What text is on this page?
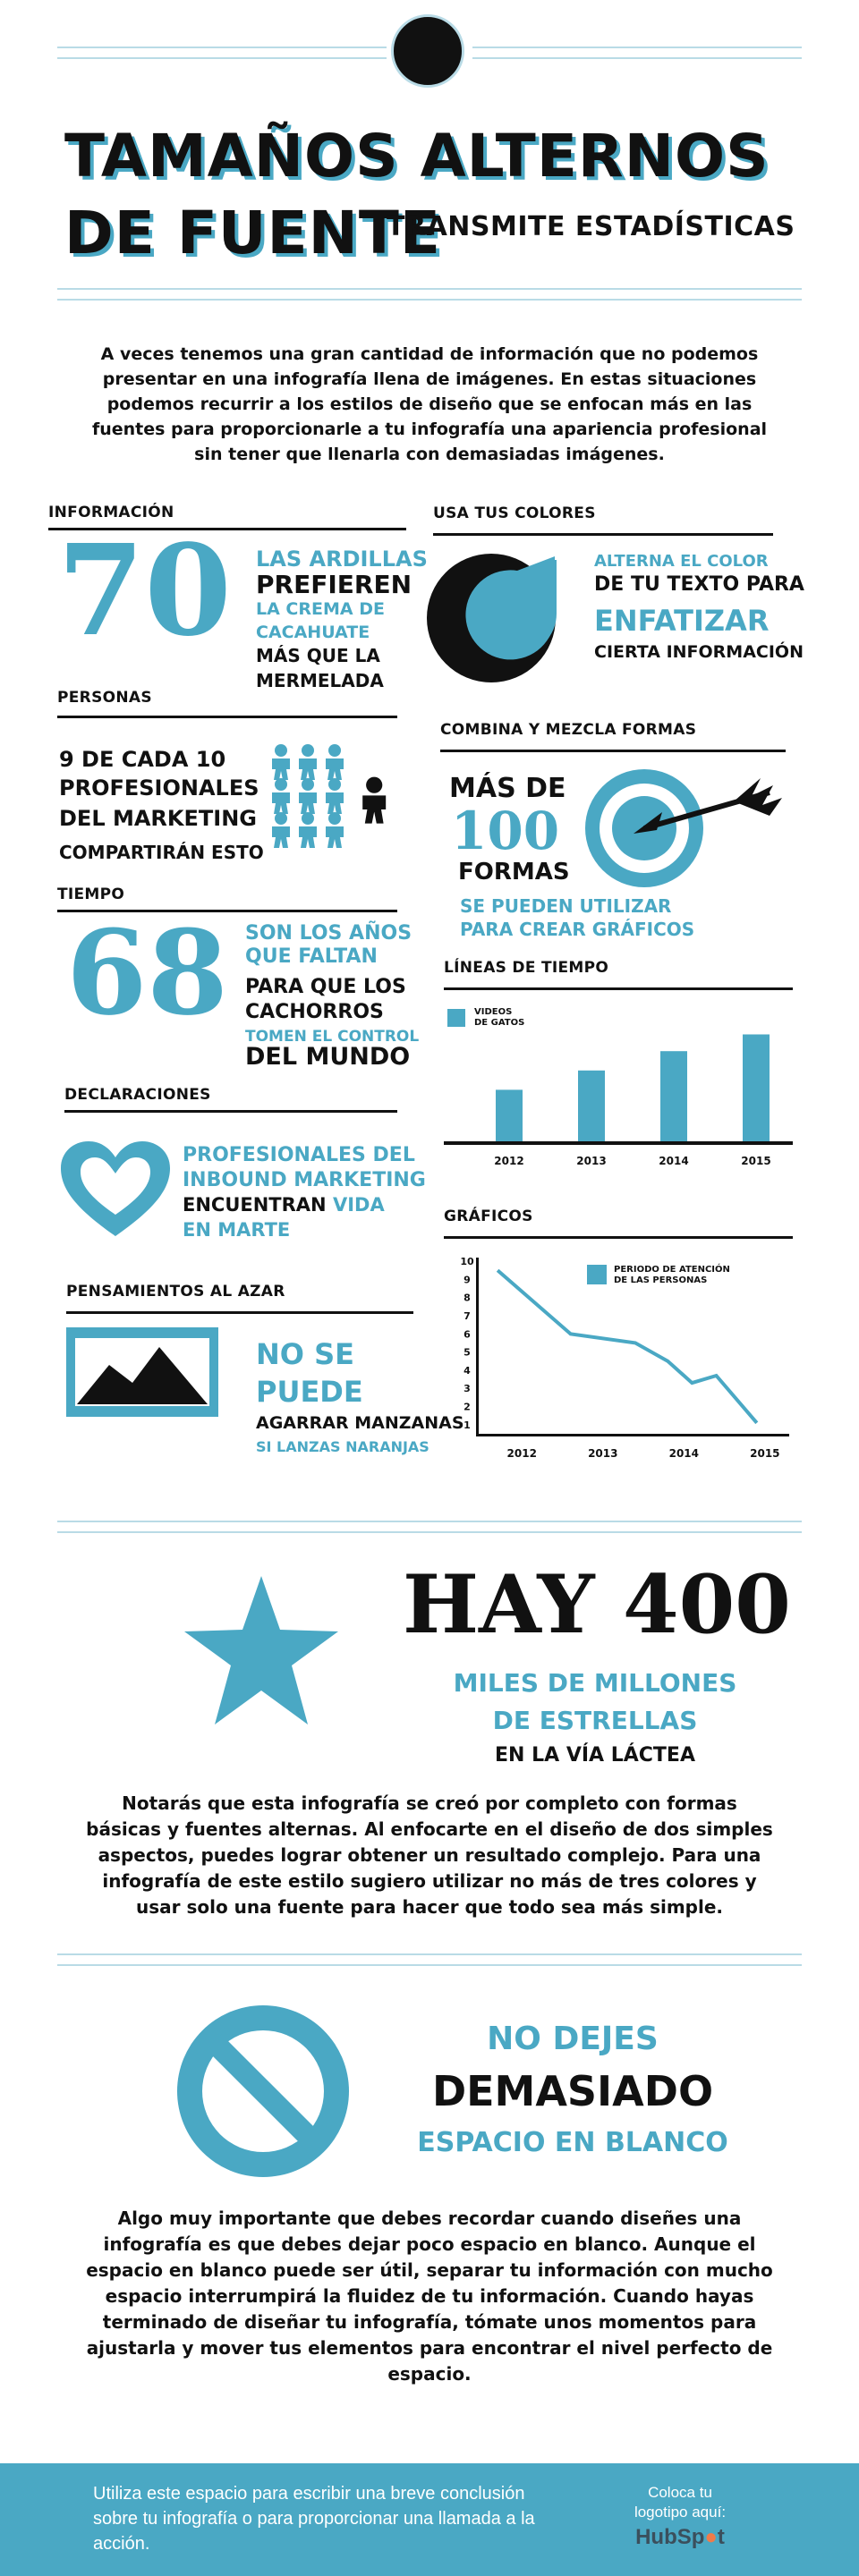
TAMAÑOS ALTERNOS
DE FUENTE
TRANSMITE ESTADÍSTICAS
A veces tenemos una gran cantidad de información que no podemos presentar en una infografía llena de imágenes. En estas situaciones podemos recurrir a los estilos de diseño que se enfocan más en las fuentes para proporcionarle a tu infografía una apariencia profesional sin tener que llenarla con demasiadas imágenes.
INFORMACIÓN
70 LAS ARDILLAS
PREFIEREN
LA CREMA DE
CACAHUATE
MÁS QUE LA
MERMELADA
PERSONAS
9 DE CADA 10
PROFESIONALES
DEL MARKETING
COMPARTIRÁN ESTO
TIEMPO
68 SON LOS AÑOS
QUE FALTAN
PARA QUE LOS
CACHORROS
TOMEN EL CONTROL
DEL MUNDO
DECLARACIONES
PROFESIONALES DEL
INBOUND MARKETING
ENCUENTRAN VIDA
EN MARTE
PENSAMIENTOS AL AZAR
NO SE
PUEDE
AGARRAR MANZANAS
SI LANZAS NARANJAS
USA TUS COLORES
ALTERNA EL COLOR
DE TU TEXTO PARA
ENFATIZAR
CIERTA INFORMACIÓN
COMBINA Y MEZCLA FORMAS
MÁS DE
100
FORMAS
SE PUEDEN UTILIZAR
PARA CREAR GRÁFICOS
LÍNEAS DE TIEMPO
VIDEOS
DE GATOS
2012	2013	2014	2015
GRÁFICOS
PERIODO DE ATENCIÓN
DE LAS PERSONAS
10
9
8
7
6
5
4
3
2
1
2012	2013	2014	2015
HAY 400
MILES DE MILLONES
DE ESTRELLAS
EN LA VÍA LÁCTEA
Notarás que esta infografía se creó por completo con formas básicas y fuentes alternas. Al enfocarte en el diseño de dos simples aspectos, puedes lograr obtener un resultado complejo. Para una infografía de este estilo sugiero utilizar no más de tres colores y usar solo una fuente para hacer que todo sea más simple.
NO DEJES
DEMASIADO
ESPACIO EN BLANCO
Algo muy importante que debes recordar cuando diseñes una infografía es que debes dejar poco espacio en blanco. Aunque el espacio en blanco puede ser útil, separar tu información con mucho espacio interrumpirá la fluidez de tu información. Cuando hayas terminado de diseñar tu infografía, tómate unos momentos para ajustarla y mover tus elementos para encontrar el nivel perfecto de espacio.
Utiliza este espacio para escribir una breve conclusión sobre tu infografía o para proporcionar una llamada a la acción.
Coloca tu
logotipo aquí:
HubSp●t
